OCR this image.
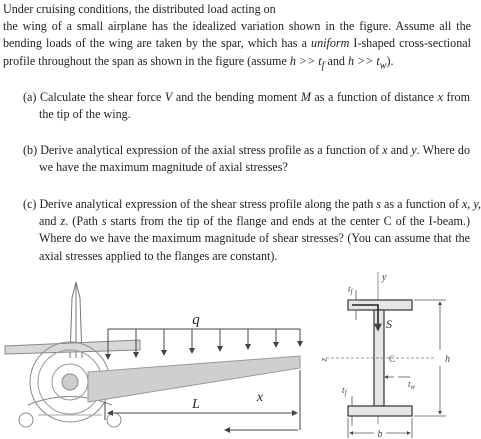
Under cruising conditions, the distributed load acting on
the wing of a small airplane has the idealized variation shown in the figure. Assume all the
bending loads of the wing are taken by the spar, which has a uniform I-shaped cross-sectional
profile throughout the span as shown in the figure (assume $h >> t_f$ and $h >> t_w$).
(a) Calculate the shear force V and the bending moment M as a function of distance x from
the tip of the wing.
(b) Derive analytical expression of the axial stress profile as a function of x and y. Where do
we have the maximum magnitude of axial stresses?
(c) Derive analytical expression of the shear stress profile along the path s as a function of x, y,
and z. (Path s starts from the tip of the flange and ends at the center C of the I-beam.)
Where do we have the maximum magnitude of shear stresses? (You can assume that the
axial stresses applied to the flanges are constant).
q
L	x
y
$t_f$
S
z	C	h
$t_w$
$t_f$
b
